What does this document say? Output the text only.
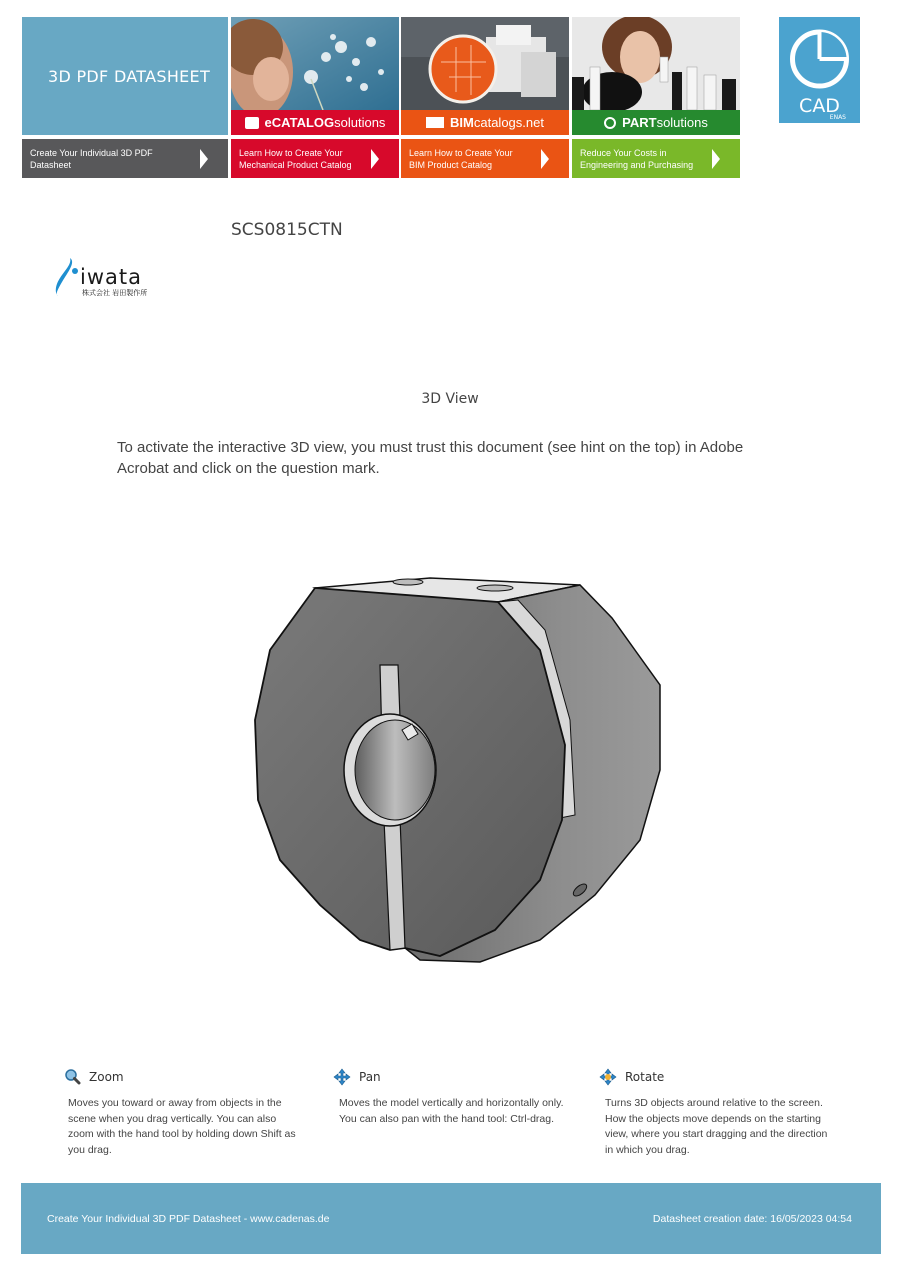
3D PDF DATASHEET
eCATALOGsolutions	BIMcatalogs.net	PARTsolutions
Create Your Individual 3D PDF Datasheet
Learn How to Create Your Mechanical Product Catalog
Learn How to Create Your BIM Product Catalog
Reduce Your Costs in Engineering and Purchasing
CAD
ENAS
SCS0815CTN
iwata
株式会社 岩田製作所
3D View
To activate the interactive 3D view, you must trust this document (see hint on the top) in Adobe Acrobat and click on the question mark.
Zoom
Moves you toward or away from objects in the scene when you drag vertically. You can also zoom with the hand tool by holding down Shift as you drag.
Pan
Moves the model vertically and horizontally only. You can also pan with the hand tool: Ctrl-drag.
Rotate
Turns 3D objects around relative to the screen. How the objects move depends on the starting view, where you start dragging and the direction in which you drag.
Create Your Individual 3D PDF Datasheet - www.cadenas.de	Datasheet creation date: 16/05/2023 04:54
